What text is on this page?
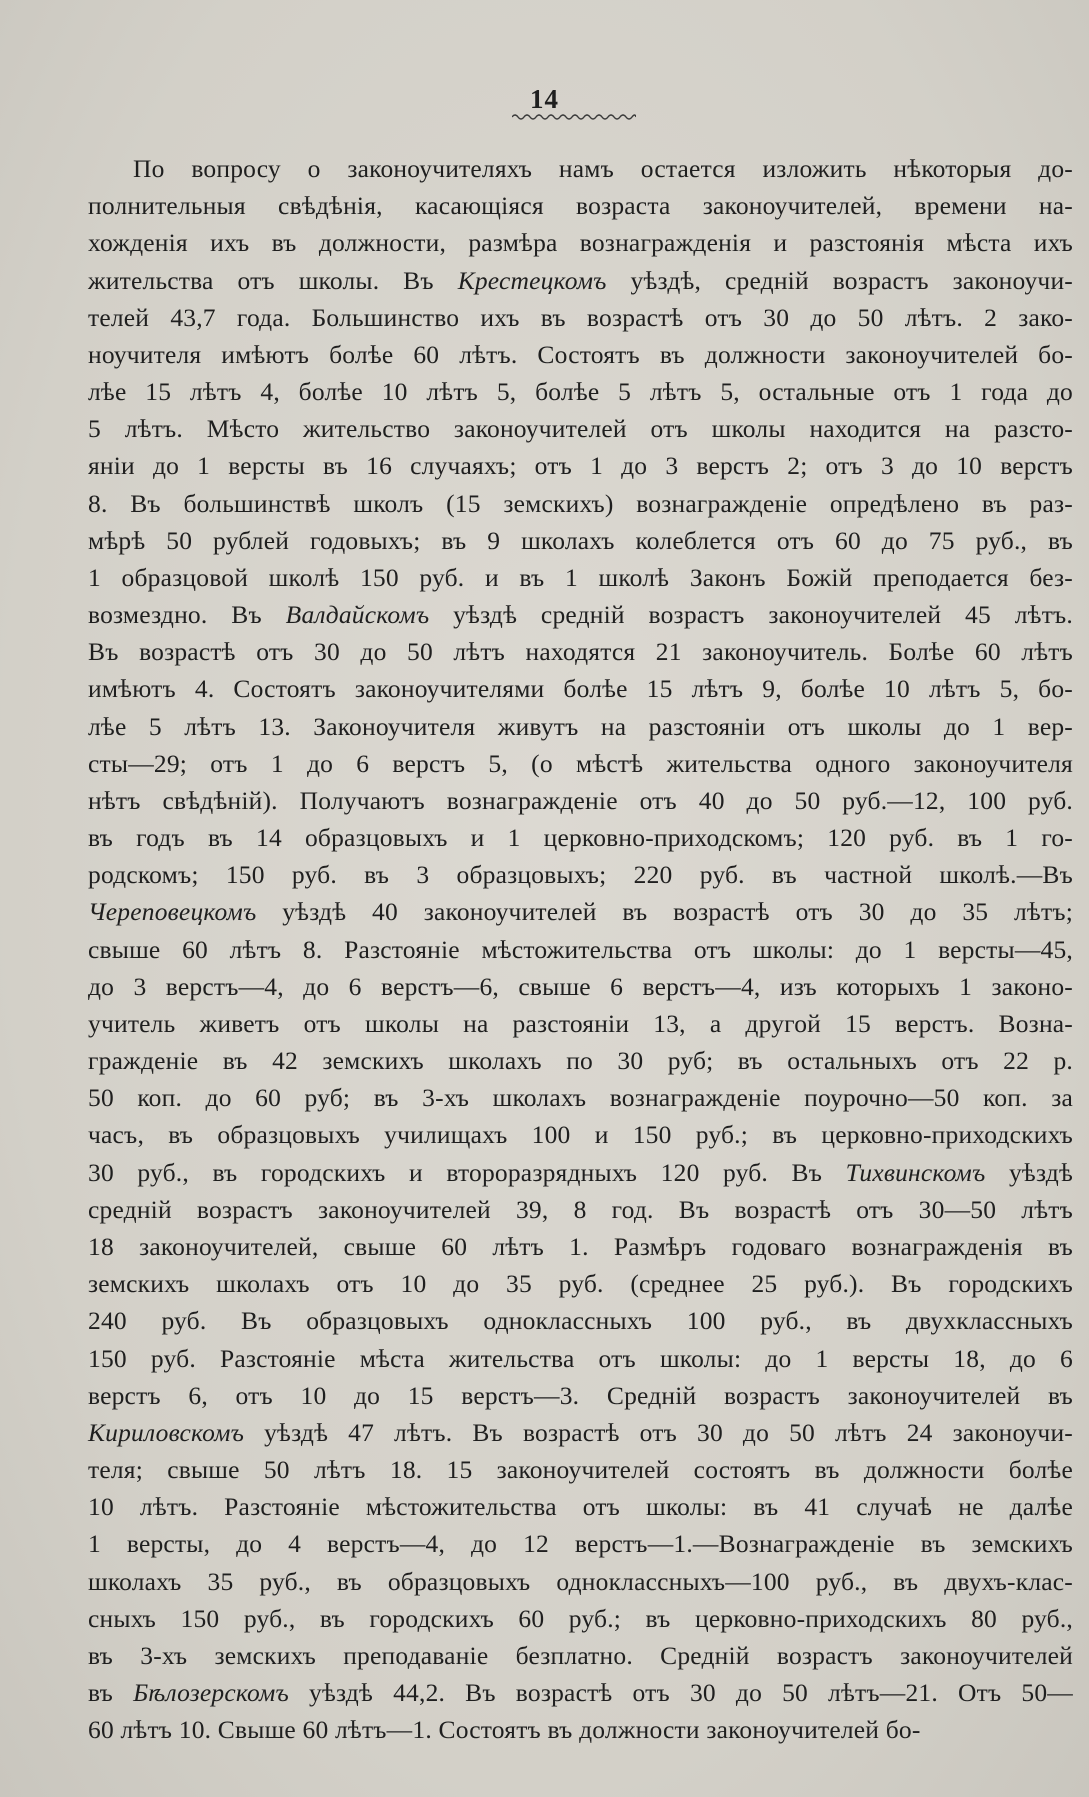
14
По вопросу о законоучителяхъ намъ остается изложить нѣкоторыя до-
полнительныя свѣдѣнія, касающіяся возраста законоучителей, времени на-
хожденія ихъ въ должности, размѣра вознагражденія и разстоянія мѣста ихъ
жительства отъ школы. Въ Крестецкомъ уѣздѣ, средній возрастъ законоучи-
телей 43,7 года. Большинство ихъ въ возрастѣ отъ 30 до 50 лѣтъ. 2 зако-
ноучителя имѣютъ болѣе 60 лѣтъ. Состоятъ въ должности законоучителей бо-
лѣе 15 лѣтъ 4, болѣе 10 лѣтъ 5, болѣе 5 лѣтъ 5, остальные отъ 1 года до
5 лѣтъ. Мѣсто жительство законоучителей отъ школы находится на разсто-
яніи до 1 версты въ 16 случаяхъ; отъ 1 до 3 верстъ 2; отъ 3 до 10 верстъ
8. Въ большинствѣ школъ (15 земскихъ) вознагражденіе опредѣлено въ раз-
мѣрѣ 50 рублей годовыхъ; въ 9 школахъ колеблется отъ 60 до 75 руб., въ
1 образцовой школѣ 150 руб. и въ 1 школѣ Законъ Божій преподается без-
возмездно. Въ Валдайскомъ уѣздѣ средній возрастъ законоучителей 45 лѣтъ.
Въ возрастѣ отъ 30 до 50 лѣтъ находятся 21 законоучитель. Болѣе 60 лѣтъ
имѣютъ 4. Состоятъ законоучителями болѣе 15 лѣтъ 9, болѣе 10 лѣтъ 5, бо-
лѣе 5 лѣтъ 13. Законоучителя живутъ на разстояніи отъ школы до 1 вер-
сты—29; отъ 1 до 6 верстъ 5, (о мѣстѣ жительства одного законоучителя
нѣтъ свѣдѣній). Получаютъ вознагражденіе отъ 40 до 50 руб.—12, 100 руб.
въ годъ въ 14 образцовыхъ и 1 церковно-приходскомъ; 120 руб. въ 1 го-
родскомъ; 150 руб. въ 3 образцовыхъ; 220 руб. въ частной школѣ.—Въ
Череповецкомъ уѣздѣ 40 законоучителей въ возрастѣ отъ 30 до 35 лѣтъ;
свыше 60 лѣтъ 8. Разстояніе мѣстожительства отъ школы: до 1 версты—45,
до 3 верстъ—4, до 6 верстъ—6, свыше 6 верстъ—4, изъ которыхъ 1 законо-
учитель живетъ отъ школы на разстояніи 13, а другой 15 верстъ. Возна-
гражденіе въ 42 земскихъ школахъ по 30 руб; въ остальныхъ отъ 22 р.
50 коп. до 60 руб; въ 3-хъ школахъ вознагражденіе поурочно—50 коп. за
часъ, въ образцовыхъ училищахъ 100 и 150 руб.; въ церковно-приходскихъ
30 руб., въ городскихъ и второразрядныхъ 120 руб. Въ Тихвинскомъ уѣздѣ
средній возрастъ законоучителей 39, 8 год. Въ возрастѣ отъ 30—50 лѣтъ
18 законоучителей, свыше 60 лѣтъ 1. Размѣръ годоваго вознагражденія въ
земскихъ школахъ отъ 10 до 35 руб. (среднее 25 руб.). Въ городскихъ
240 руб. Въ образцовыхъ одноклассныхъ 100 руб., въ двухклассныхъ
150 руб. Разстояніе мѣста жительства отъ школы: до 1 версты 18, до 6
верстъ 6, отъ 10 до 15 верстъ—3. Средній возрастъ законоучителей въ
Кириловскомъ уѣздѣ 47 лѣтъ. Въ возрастѣ отъ 30 до 50 лѣтъ 24 законоучи-
теля; свыше 50 лѣтъ 18. 15 законоучителей состоятъ въ должности болѣе
10 лѣтъ. Разстояніе мѣстожительства отъ школы: въ 41 случаѣ не далѣе
1 версты, до 4 верстъ—4, до 12 верстъ—1.—Вознагражденіе въ земскихъ
школахъ 35 руб., въ образцовыхъ одноклассныхъ—100 руб., въ двухъ-клас-
сныхъ 150 руб., въ городскихъ 60 руб.; въ церковно-приходскихъ 80 руб.,
въ 3-хъ земскихъ преподаваніе безплатно. Средній возрастъ законоучителей
въ Бѣлозерскомъ уѣздѣ 44,2. Въ возрастѣ отъ 30 до 50 лѣтъ—21. Отъ 50—
60 лѣтъ 10. Свыше 60 лѣтъ—1. Состоятъ въ должности законоучителей бо-
